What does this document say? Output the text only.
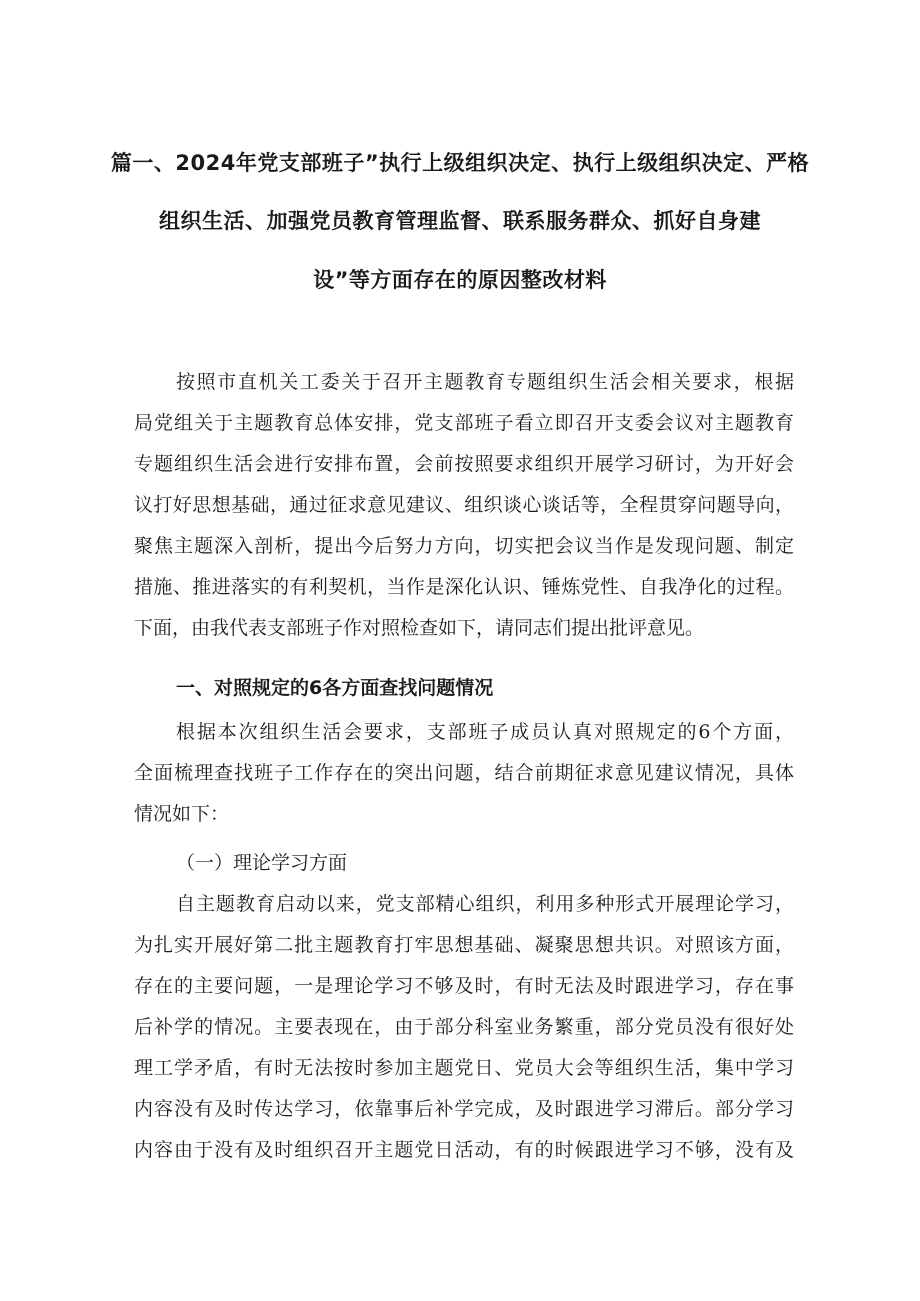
篇一、2024年党支部班子”执行上级组织决定、执行上级组织决定、严格
组织生活、加强党员教育管理监督、联系服务群众、抓好自身建
设”等方面存在的原因整改材料
按照市直机关工委关于召开主题教育专题组织生活会相关要求，根据
局党组关于主题教育总体安排，党支部班子看立即召开支委会议对主题教育
专题组织生活会进行安排布置，会前按照要求组织开展学习研讨，为开好会
议打好思想基础，通过征求意见建议、组织谈心谈话等，全程贯穿问题导向，
聚焦主题深入剖析，提出今后努力方向，切实把会议当作是发现问题、制定
措施、推进落实的有利契机，当作是深化认识、锤炼党性、自我净化的过程。
下面，由我代表支部班子作对照检查如下，请同志们提出批评意见。
一、对照规定的6各方面查找问题情况
根据本次组织生活会要求，支部班子成员认真对照规定的6个方面，
全面梳理查找班子工作存在的突出问题，结合前期征求意见建议情况，具体
情况如下：
（一）理论学习方面
自主题教育启动以来，党支部精心组织，利用多种形式开展理论学习，
为扎实开展好第二批主题教育打牢思想基础、凝聚思想共识。对照该方面，
存在的主要问题，一是理论学习不够及时，有时无法及时跟进学习，存在事
后补学的情况。主要表现在，由于部分科室业务繁重，部分党员没有很好处
理工学矛盾，有时无法按时参加主题党日、党员大会等组织生活，集中学习
内容没有及时传达学习，依靠事后补学完成，及时跟进学习滞后。部分学习
内容由于没有及时组织召开主题党日活动，有的时候跟进学习不够，没有及
